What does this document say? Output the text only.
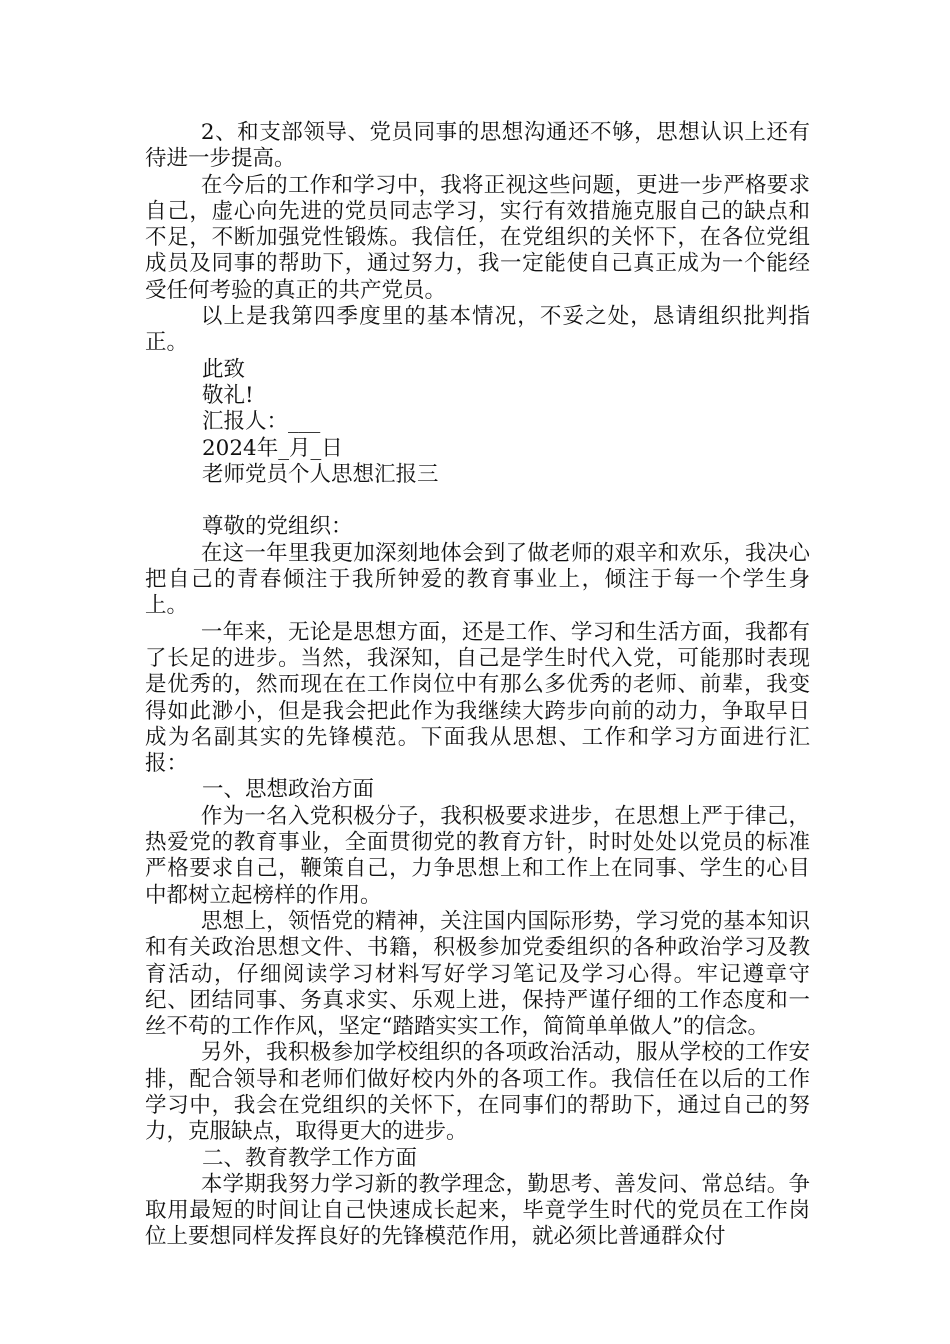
2、和支部领导、党员同事的思想沟通还不够，思想认识上还有待进一步提高。

在今后的工作和学习中，我将正视这些问题，更进一步严格要求自己，虚心向先进的党员同志学习，实行有效措施克服自己的缺点和不足，不断加强党性锻炼。我信任，在党组织的关怀下，在各位党组成员及同事的帮助下，通过努力，我一定能使自己真正成为一个能经受任何考验的真正的共产党员。

以上是我第四季度里的基本情况，不妥之处，恳请组织批判指正。

此致

敬礼!

汇报人：___

2024年_月_日

老师党员个人思想汇报三

尊敬的党组织：

在这一年里我更加深刻地体会到了做老师的艰辛和欢乐，我决心把自己的青春倾注于我所钟爱的教育事业上，倾注于每一个学生身上。

一年来，无论是思想方面，还是工作、学习和生活方面，我都有了长足的进步。当然，我深知，自己是学生时代入党，可能那时表现是优秀的，然而现在在工作岗位中有那么多优秀的老师、前辈，我变得如此渺小，但是我会把此作为我继续大跨步向前的动力，争取早日成为名副其实的先锋模范。下面我从思想、工作和学习方面进行汇报：

一、思想政治方面

作为一名入党积极分子，我积极要求进步，在思想上严于律己，热爱党的教育事业，全面贯彻党的教育方针，时时处处以党员的标准严格要求自己，鞭策自己，力争思想上和工作上在同事、学生的心目中都树立起榜样的作用。

思想上，领悟党的精神，关注国内国际形势，学习党的基本知识和有关政治思想文件、书籍，积极参加党委组织的各种政治学习及教育活动，仔细阅读学习材料写好学习笔记及学习心得。牢记遵章守纪、团结同事、务真求实、乐观上进，保持严谨仔细的工作态度和一丝不苟的工作作风，坚定“踏踏实实工作，简简单单做人”的信念。

另外，我积极参加学校组织的各项政治活动，服从学校的工作安排，配合领导和老师们做好校内外的各项工作。我信任在以后的工作学习中，我会在党组织的关怀下，在同事们的帮助下，通过自己的努力，克服缺点，取得更大的进步。

二、教育教学工作方面

本学期我努力学习新的教学理念，勤思考、善发问、常总结。争取用最短的时间让自己快速成长起来，毕竟学生时代的党员在工作岗位上要想同样发挥良好的先锋模范作用，就必须比普通群众付
